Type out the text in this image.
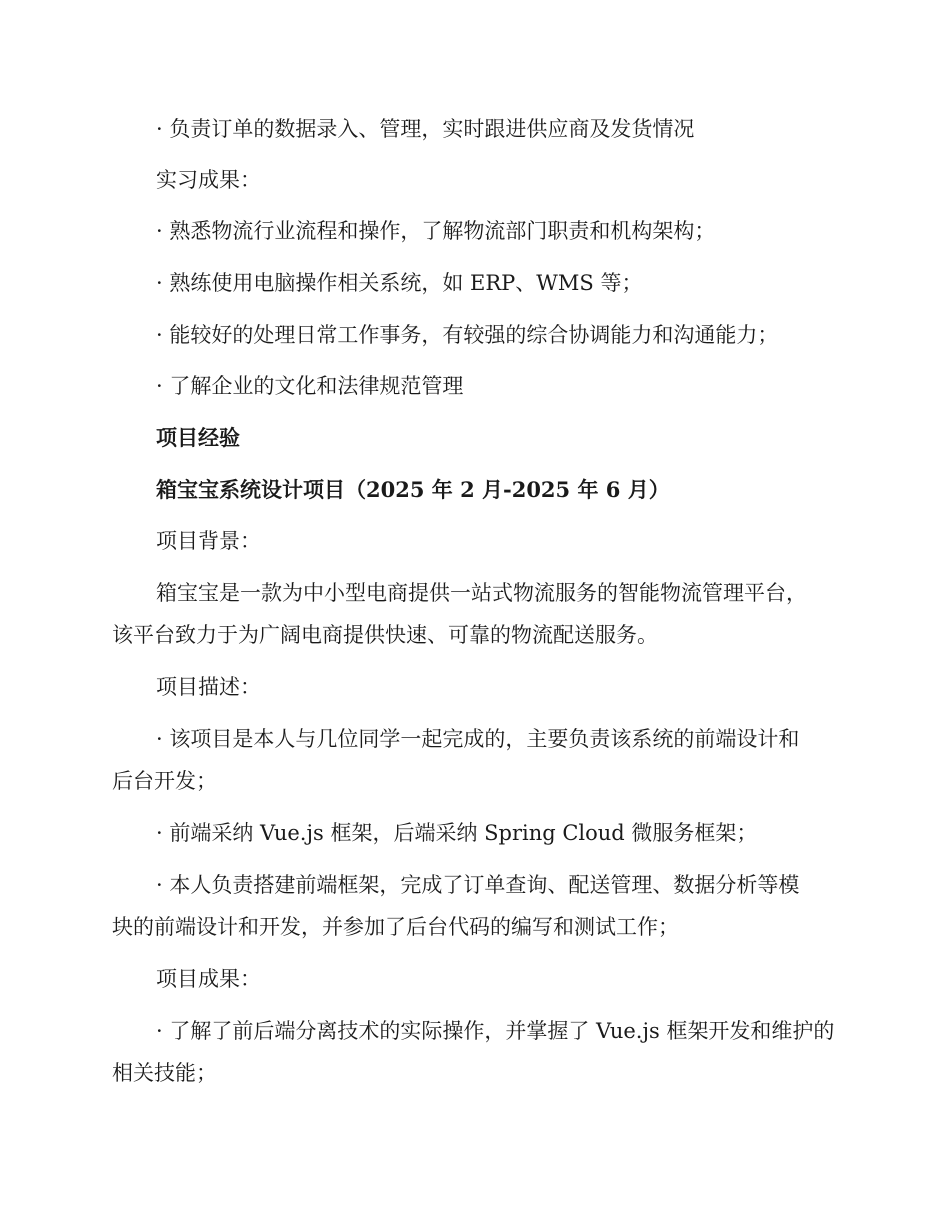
· 负责订单的数据录入、管理，实时跟进供应商及发货情况
实习成果：
· 熟悉物流行业流程和操作，了解物流部门职责和机构架构；
· 熟练使用电脑操作相关系统，如 ERP、WMS 等；
· 能较好的处理日常工作事务，有较强的综合协调能力和沟通能力；
· 了解企业的文化和法律规范管理
项目经验
箱宝宝系统设计项目（2025 年 2 月-2025 年 6 月）
项目背景：
箱宝宝是一款为中小型电商提供一站式物流服务的智能物流管理平台，
该平台致力于为广阔电商提供快速、可靠的物流配送服务。
项目描述：
· 该项目是本人与几位同学一起完成的，主要负责该系统的前端设计和
后台开发；
· 前端采纳 Vue.js 框架，后端采纳 Spring Cloud 微服务框架；
· 本人负责搭建前端框架，完成了订单查询、配送管理、数据分析等模
块的前端设计和开发，并参加了后台代码的编写和测试工作；
项目成果：
· 了解了前后端分离技术的实际操作，并掌握了 Vue.js 框架开发和维护的
相关技能；
